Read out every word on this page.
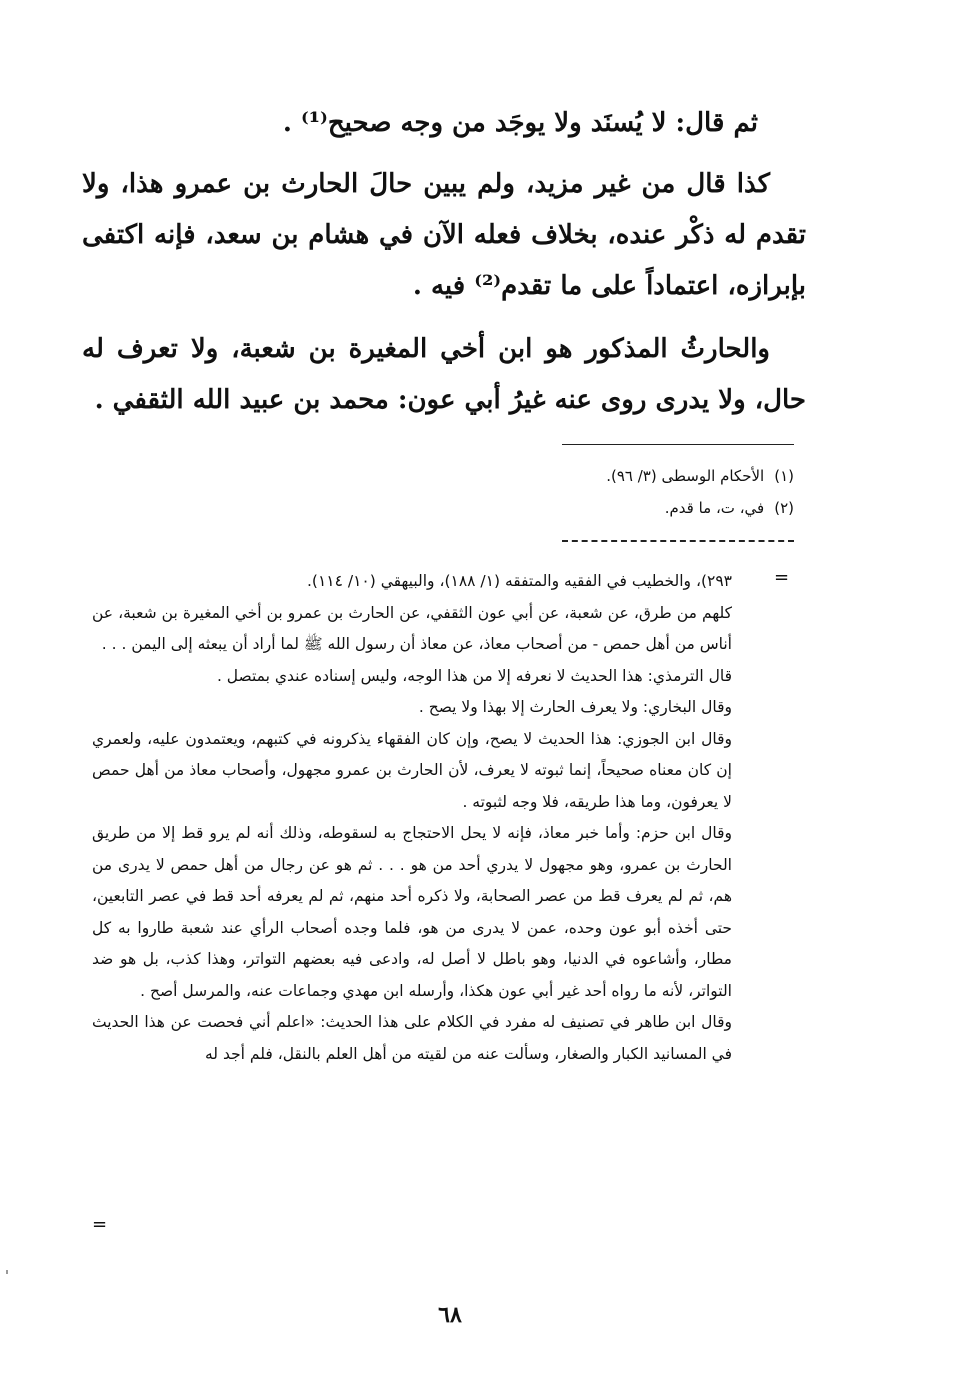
ثم قال: لا يُسنَد ولا يوجَد من وجه صحيح⁽¹⁾ .

كذا قال من غير مزيد، ولم يبين حالَ الحارث بن عمرو هذا، ولا تقدم له ذكْر عنده، بخلاف فعله الآن في هشام بن سعد، فإنه اكتفى بإبرازه، اعتماداً على ما تقدم⁽²⁾ فيه .

والحارثُ المذكور هو ابن أخي المغيرة بن شعبة، ولا تعرف له حال، ولا يدرى روى عنه غيرُ أبي عون: محمد بن عبيد الله الثقفي .

(١)الأحكام الوسطى (٣/ ٩٦).
(٢)في، ت، ما قدم.
=

٢٩٣)، والخطيب في الفقيه والمتفقه (١/ ١٨٨)، والبيهقي (١٠/ ١١٤).

كلهم من طرق، عن شعبة، عن أبي عون الثقفي، عن الحارث بن عمرو بن أخي المغيرة بن شعبة، عن أناس من أهل حمص - من أصحاب معاذ، عن معاذ أن رسول الله ﷺ لما أراد أن يبعثه إلى اليمن . . .

قال الترمذي: هذا الحديث لا نعرفه إلا من هذا الوجه، وليس إسناده عندي بمتصل .

وقال البخاري: ولا يعرف الحارث إلا بهذا ولا يصح .

وقال ابن الجوزي: هذا الحديث لا يصح، وإن كان الفقهاء يذكرونه في كتبهم، ويعتمدون عليه، ولعمري إن كان معناه صحيحاً، إنما ثبوته لا يعرف، لأن الحارث بن عمرو مجهول، وأصحاب معاذ من أهل حمص لا يعرفون، وما هذا طريقه، فلا وجه لثبوته .

وقال ابن حزم: وأما خبر معاذ، فإنه لا يحل الاحتجاج به لسقوطه، وذلك أنه لم يرو قط إلا من طريق الحارث بن عمرو، وهو مجهول لا يدري أحد من هو . . . ثم هو عن رجال من أهل حمص لا يدرى من هم، ثم لم يعرف قط من عصر الصحابة، ولا ذكره أحد منهم، ثم لم يعرفه أحد قط في عصر التابعين، حتى أخذه أبو عون وحده، عمن لا يدرى من هو، فلما وجده أصحاب الرأي عند شعبة طاروا به كل مطار، وأشاعوه في الدنيا، وهو باطل لا أصل له، وادعى فيه بعضهم التواتر، وهذا كذب، بل هو ضد التواتر، لأنه ما رواه أحد غير أبي عون هكذا، وأرسله ابن مهدي وجماعات عنه، والمرسل أصح .

وقال ابن طاهر في تصنيف له مفرد في الكلام على هذا الحديث: «اعلم أني فحصت عن هذا الحديث في المسانيد الكبار والصغار، وسألت عنه من لقيته من أهل العلم بالنقل، فلم أجد له

=
٦٨
